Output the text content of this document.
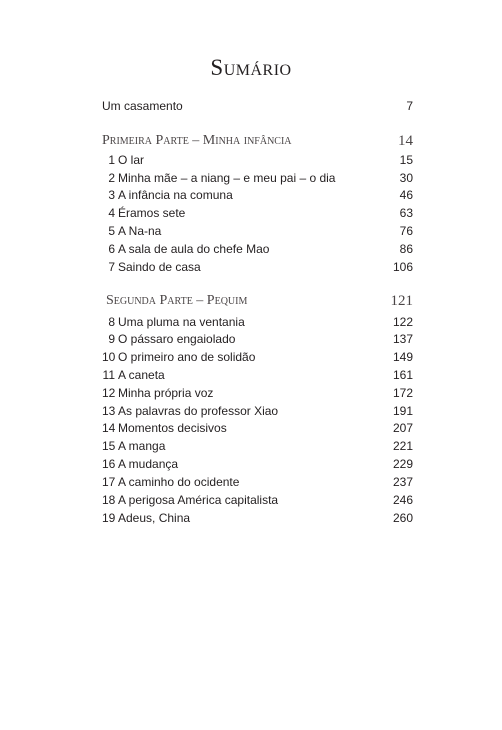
Sumário
Um casamento	7
Primeira Parte – Minha infância	14
1 O lar	15
2 Minha mãe – a niang – e meu pai – o dia	30
3 A infância na comuna	46
4 Éramos sete	63
5 A Na-na	76
6 A sala de aula do chefe Mao	86
7 Saindo de casa	106
Segunda Parte – Pequim	121
8 Uma pluma na ventania	122
9 O pássaro engaiolado	137
10 O primeiro ano de solidão	149
11 A caneta	161
12 Minha própria voz	172
13 As palavras do professor Xiao	191
14 Momentos decisivos	207
15 A manga	221
16 A mudança	229
17 A caminho do ocidente	237
18 A perigosa América capitalista	246
19 Adeus, China	260
